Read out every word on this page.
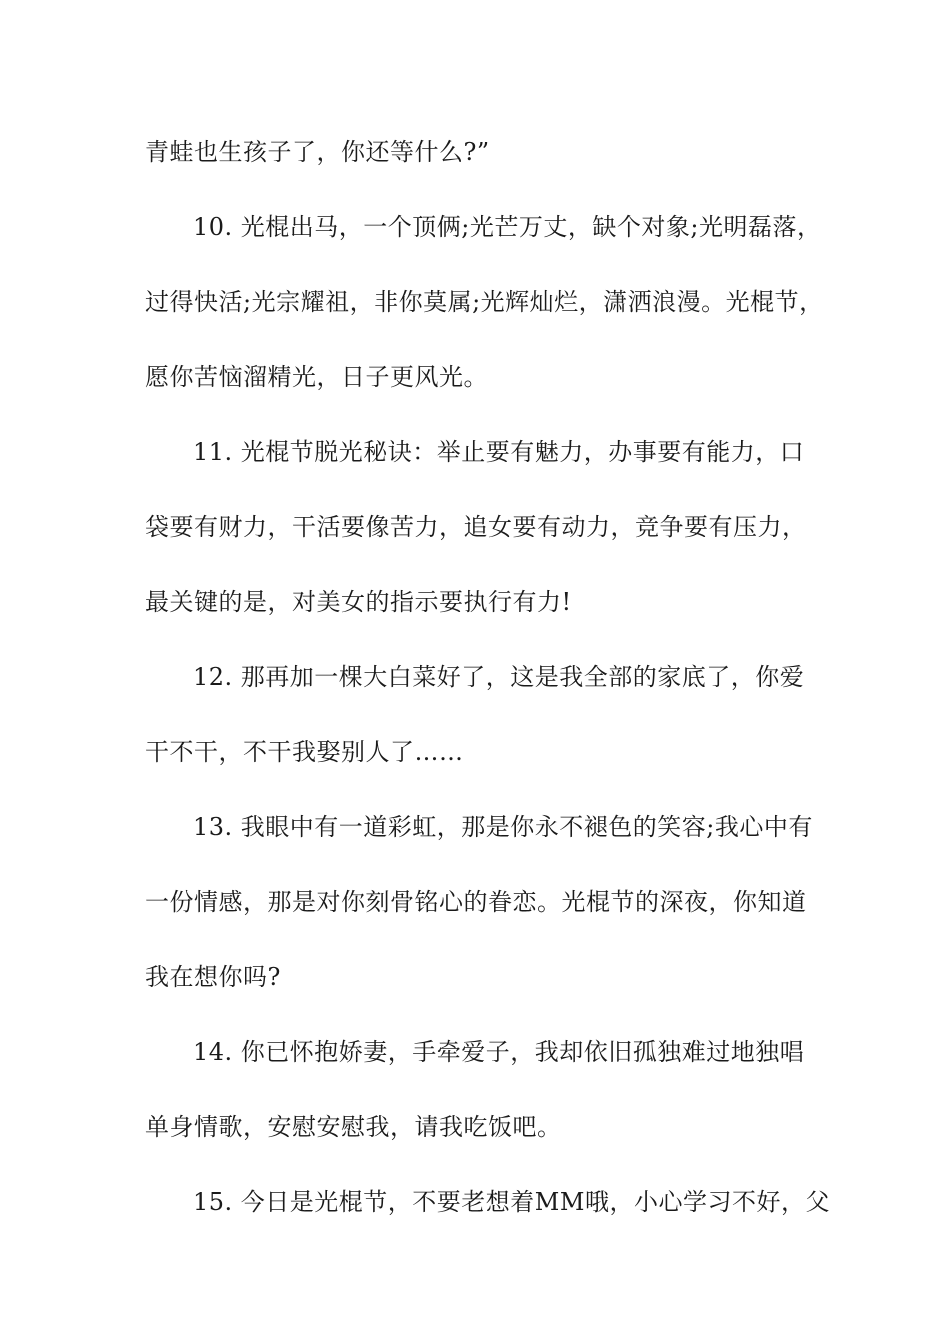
青蛙也生孩子了，你还等什么?”
10. 光棍出马，一个顶俩;光芒万丈，缺个对象;光明磊落，
过得快活;光宗耀祖，非你莫属;光辉灿烂，潇洒浪漫。光棍节，
愿你苦恼溜精光，日子更风光。
11. 光棍节脱光秘诀：举止要有魅力，办事要有能力，口
袋要有财力，干活要像苦力，追女要有动力，竞争要有压力，
最关键的是，对美女的指示要执行有力!
12. 那再加一棵大白菜好了，这是我全部的家底了，你爱
干不干，不干我娶别人了……
13. 我眼中有一道彩虹，那是你永不褪色的笑容;我心中有
一份情感，那是对你刻骨铭心的眷恋。光棍节的深夜，你知道
我在想你吗?
14. 你已怀抱娇妻，手牵爱子，我却依旧孤独难过地独唱
单身情歌，安慰安慰我，请我吃饭吧。
15. 今日是光棍节，不要老想着MM哦，小心学习不好，父
